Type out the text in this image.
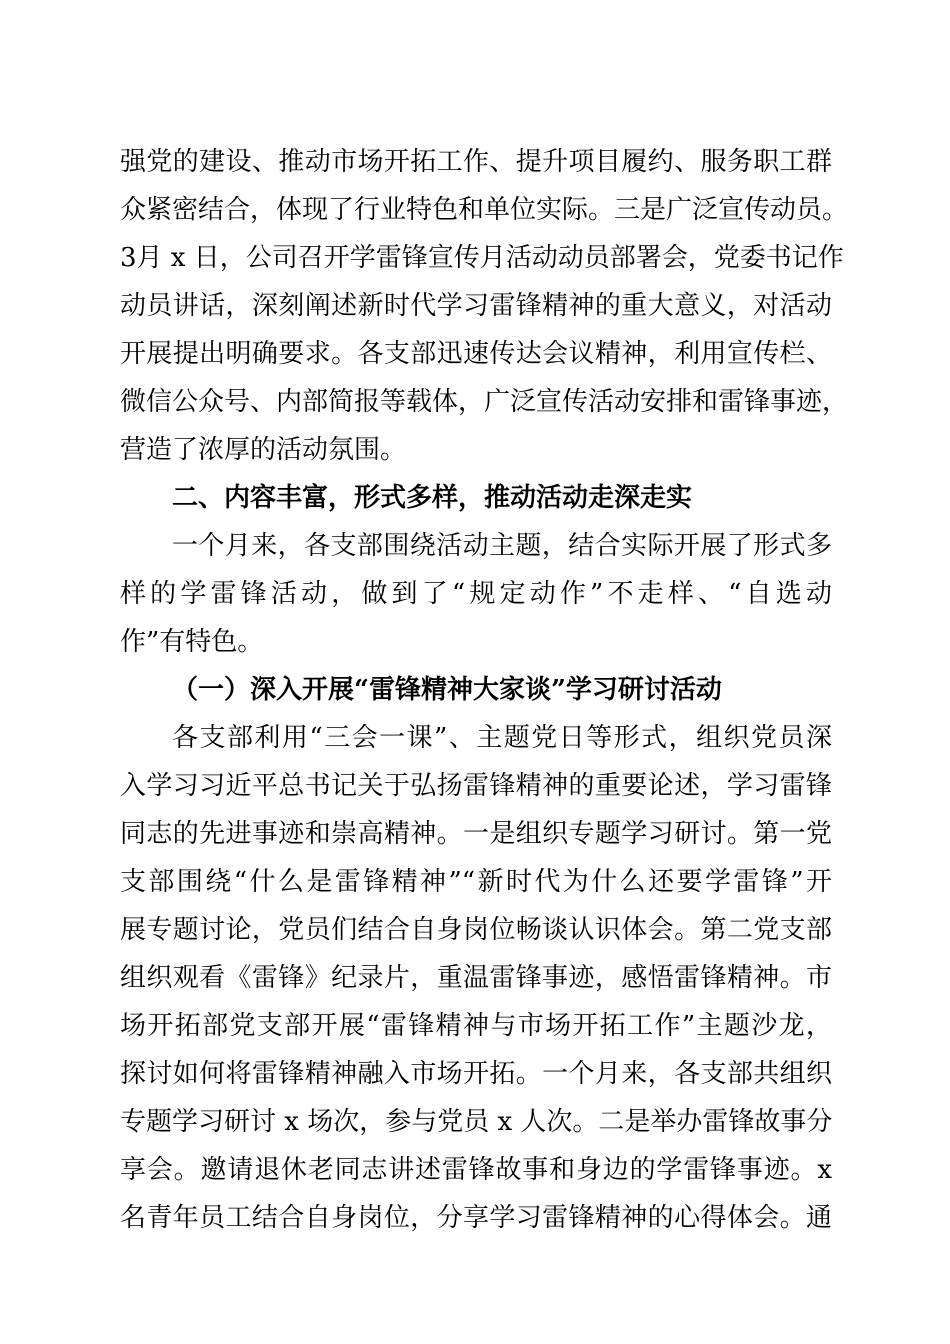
强党的建设、推动市场开拓工作、提升项目履约、服务职工群
众紧密结合，体现了行业特色和单位实际。三是广泛宣传动员。
3月 x 日，公司召开学雷锋宣传月活动动员部署会，党委书记作
动员讲话，深刻阐述新时代学习雷锋精神的重大意义，对活动
开展提出明确要求。各支部迅速传达会议精神，利用宣传栏、
微信公众号、内部简报等载体，广泛宣传活动安排和雷锋事迹，
营造了浓厚的活动氛围。
二、内容丰富，形式多样，推动活动走深走实
一个月来，各支部围绕活动主题，结合实际开展了形式多
样的学雷锋活动，做到了“规定动作”不走样、“自选动
作”有特色。
（一）深入开展“雷锋精神大家谈”学习研讨活动
各支部利用“三会一课”、主题党日等形式，组织党员深
入学习习近平总书记关于弘扬雷锋精神的重要论述，学习雷锋
同志的先进事迹和崇高精神。一是组织专题学习研讨。第一党
支部围绕“什么是雷锋精神”“新时代为什么还要学雷锋”开
展专题讨论，党员们结合自身岗位畅谈认识体会。第二党支部
组织观看《雷锋》纪录片，重温雷锋事迹，感悟雷锋精神。市
场开拓部党支部开展“雷锋精神与市场开拓工作”主题沙龙，
探讨如何将雷锋精神融入市场开拓。一个月来，各支部共组织
专题学习研讨 x 场次，参与党员 x 人次。二是举办雷锋故事分
享会。邀请退休老同志讲述雷锋故事和身边的学雷锋事迹。x
名青年员工结合自身岗位，分享学习雷锋精神的心得体会。通
